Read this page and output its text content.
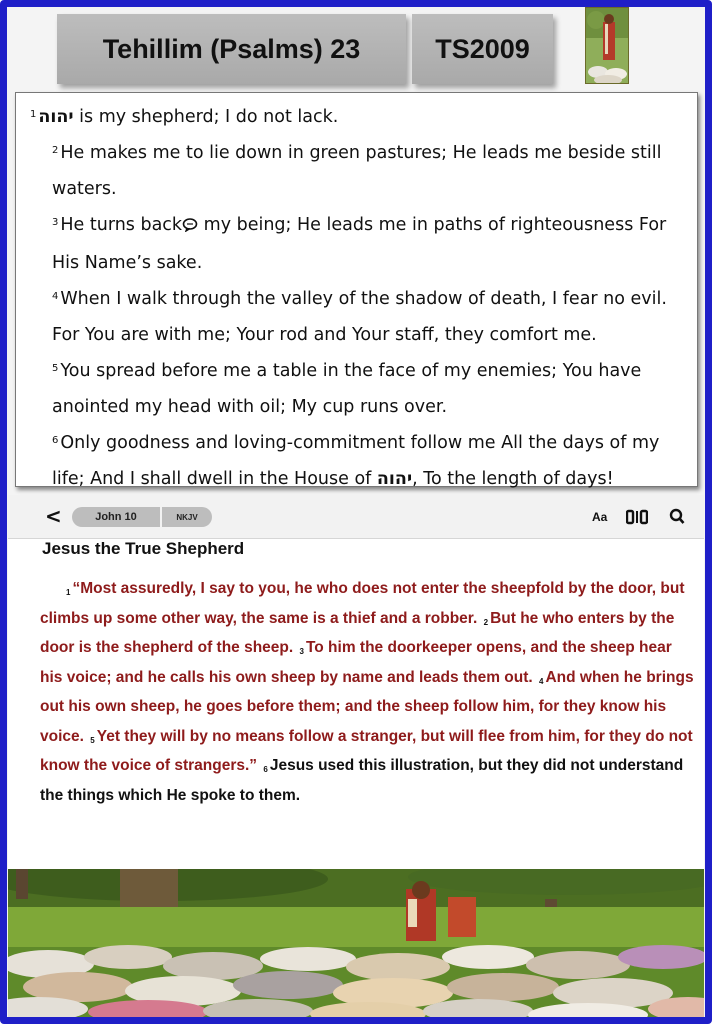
Tehillim (Psalms) 23	TS2009

$^1$ יהוה is my shepherd; I do not lack.

$^2$ He makes me to lie down in green pastures; He leads me beside still waters.

$^3$ He turns back my being; He leads me in paths of righteousness For His Name’s sake.

$^4$ When I walk through the valley of the shadow of death, I fear no evil. For You are with me; Your rod and Your staff, they comfort me.

$^5$ You spread before me a table in the face of my enemies; You have anointed my head with oil; My cup runs over.

$^6$ Only goodness and loving-commitment follow me All the days of my life; And I shall dwell in the House of יהוה, To the length of days!

<	John 10	NKJV	Aa
Jesus the True Shepherd
$^1$ “Most assuredly, I say to you, he who does not enter the sheepfold by the door, but climbs up some other way, the same is a thief and a robber. $^2$ But he who enters by the door is the shepherd of the sheep. $^3$ To him the doorkeeper opens, and the sheep hear his voice; and he calls his own sheep by name and leads them out. $^4$ And when he brings out his own sheep, he goes before them; and the sheep follow him, for they know his voice. $^5$ Yet they will by no means follow a stranger, but will flee from him, for they do not know the voice of strangers.” $^6$ Jesus used this illustration, but they did not understand the things which He spoke to them.
